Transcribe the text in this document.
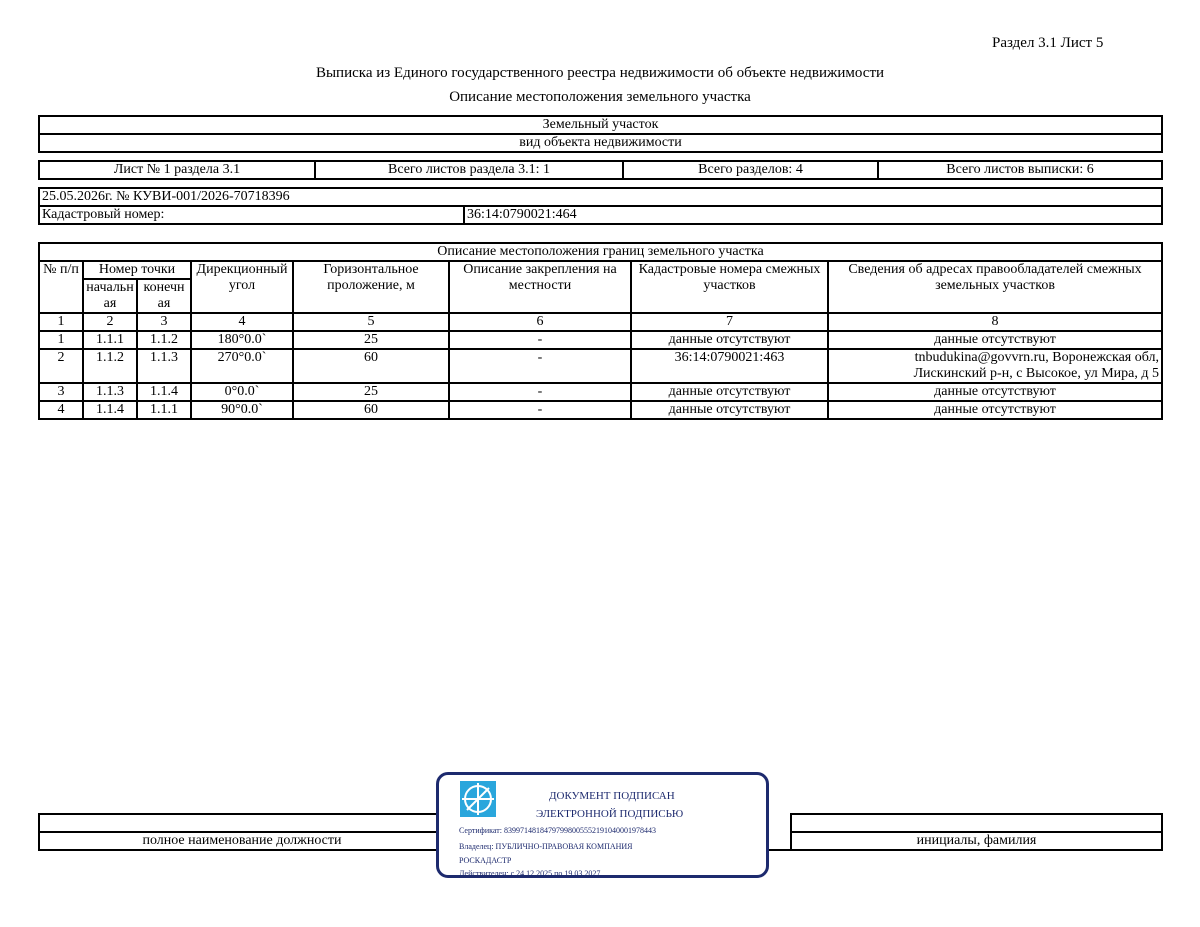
Раздел 3.1 Лист 5
Выписка из Единого государственного реестра недвижимости об объекте недвижимости
Описание местоположения земельного участка
Земельный участок
вид объекта недвижимости
Лист № 1 раздела 3.1	Всего листов раздела 3.1: 1	Всего разделов: 4	Всего листов выписки: 6
25.05.2026г. № КУВИ-001/2026-70718396
Кадастровый номер:	36:14:0790021:464
Описание местоположения границ земельного участка							
№ п/п	Номер точки		Дирекционный угол	Горизонтальное проложение, м	Описание закрепления на местности	Кадастровые номера смежных участков	Сведения об адресах правообладателей смежных земельных участков
	начальн ая	конечн ая					
1	2	3	4	5	6	7	8
1	1.1.1	1.1.2	180°0.0`	25	-	данные отсутствуют	данные отсутствуют
2	1.1.2	1.1.3	270°0.0`	60	-	36:14:0790021:463	tnbudukina@govvrn.ru, Воронежская обл,
Лискинский р-н, с Высокое, ул Мира, д 5

3	1.1.3	1.1.4	0°0.0`	25	-	данные отсутствуют	данные отсутствуют
4	1.1.4	1.1.1	90°0.0`	60	-	данные отсутствуют	данные отсутствуют

полное наименование должности		инициалы, фамилия
ДОКУМЕНТ ПОДПИСАН
ЭЛЕКТРОННОЙ ПОДПИСЬЮ
Сертификат: 83997148184797998005552191040001978443
Владелец: ПУБЛИЧНО-ПРАВОВАЯ КОМПАНИЯ
РОСКАДАСТР
Действителен: с 24.12.2025 по 19.03.2027
